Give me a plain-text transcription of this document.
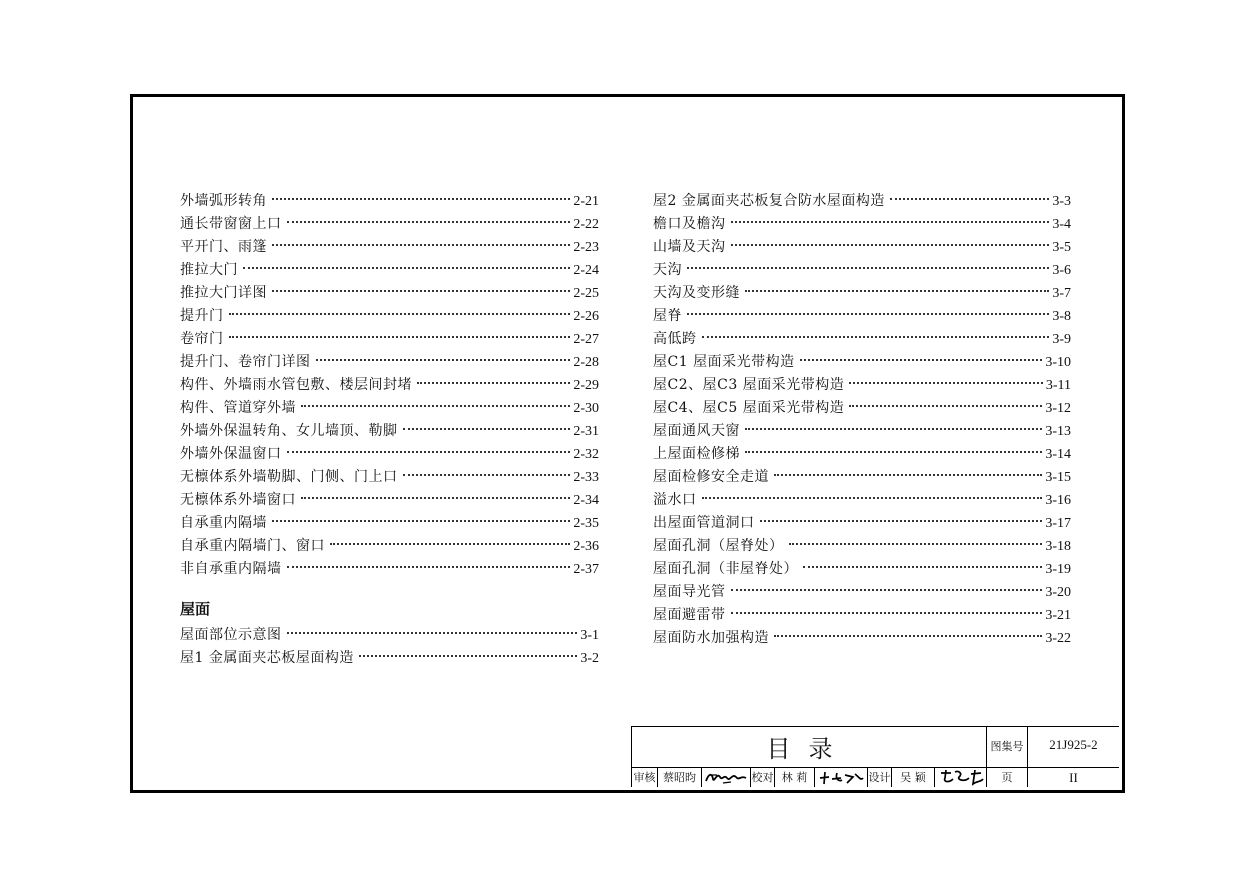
外墙弧形转角	2-21
通长带窗窗上口	2-22
平开门、雨篷	2-23
推拉大门	2-24
推拉大门详图	2-25
提升门	2-26
卷帘门	2-27
提升门、卷帘门详图	2-28
构件、外墙雨水管包敷、楼层间封堵	2-29
构件、管道穿外墙	2-30
外墙外保温转角、女儿墙顶、勒脚	2-31
外墙外保温窗口	2-32
无檩体系外墙勒脚、门侧、门上口	2-33
无檩体系外墙窗口	2-34
自承重内隔墙	2-35
自承重内隔墙门、窗口	2-36
非自承重内隔墙	2-37
屋面
屋面部位示意图	3-1
屋1 金属面夹芯板屋面构造	3-2
屋2 金属面夹芯板复合防水屋面构造	3-3
檐口及檐沟	3-4
山墙及天沟	3-5
天沟	3-6
天沟及变形缝	3-7
屋脊	3-8
高低跨	3-9
屋C1 屋面采光带构造	3-10
屋C2、屋C3 屋面采光带构造	3-11
屋C4、屋C5 屋面采光带构造	3-12
屋面通风天窗	3-13
上屋面检修梯	3-14
屋面检修安全走道	3-15
溢水口	3-16
出屋面管道洞口	3-17
屋面孔洞（屋脊处）	3-18
屋面孔洞（非屋脊处）	3-19
屋面导光管	3-20
屋面避雷带	3-21
屋面防水加强构造	3-22
目录	图集号	21J925-2
页	II
审核 蔡昭昀	校对 林 莉	设计 吴 颖
